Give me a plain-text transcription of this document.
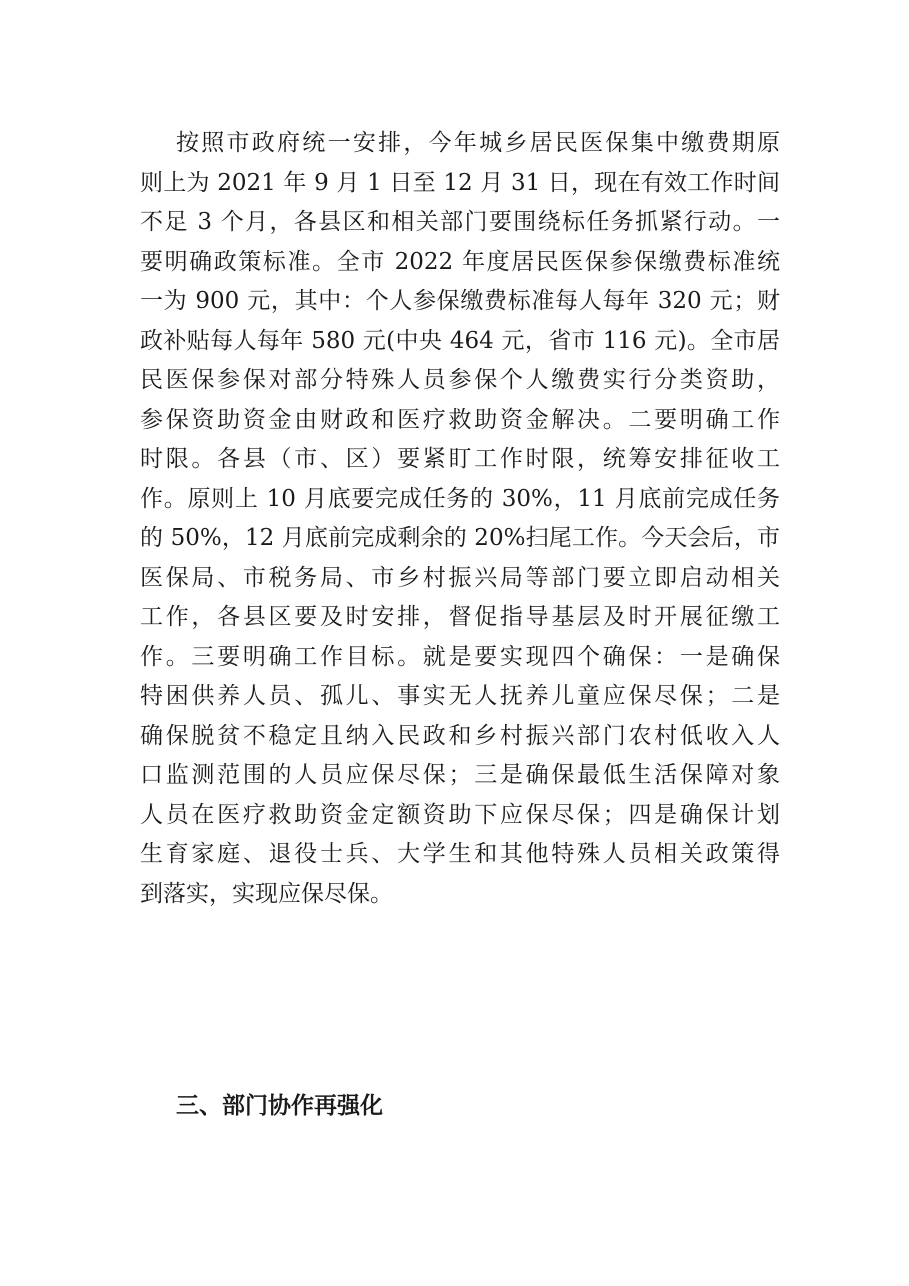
按照市政府统一安排，今年城乡居民医保集中缴费期原
则上为 2021 年 9 月 1 日至 12 月 31 日，现在有效工作时间
不足 3 个月，各县区和相关部门要围绕标任务抓紧行动。一
要明确政策标准。全市 2022 年度居民医保参保缴费标准统
一为 900 元，其中：个人参保缴费标准每人每年 320 元；财
政补贴每人每年 580 元(中央 464 元，省市 116 元)。全市居
民医保参保对部分特殊人员参保个人缴费实行分类资助，
参保资助资金由财政和医疗救助资金解决。二要明确工作
时限。各县（市、区）要紧盯工作时限，统筹安排征收工
作。原则上 10 月底要完成任务的 30%，11 月底前完成任务
的 50%，12 月底前完成剩余的 20%扫尾工作。今天会后，市
医保局、市税务局、市乡村振兴局等部门要立即启动相关
工作，各县区要及时安排，督促指导基层及时开展征缴工
作。三要明确工作目标。就是要实现四个确保：一是确保
特困供养人员、孤儿、事实无人抚养儿童应保尽保；二是
确保脱贫不稳定且纳入民政和乡村振兴部门农村低收入人
口监测范围的人员应保尽保；三是确保最低生活保障对象
人员在医疗救助资金定额资助下应保尽保；四是确保计划
生育家庭、退役士兵、大学生和其他特殊人员相关政策得
到落实，实现应保尽保。

三、部门协作再强化
